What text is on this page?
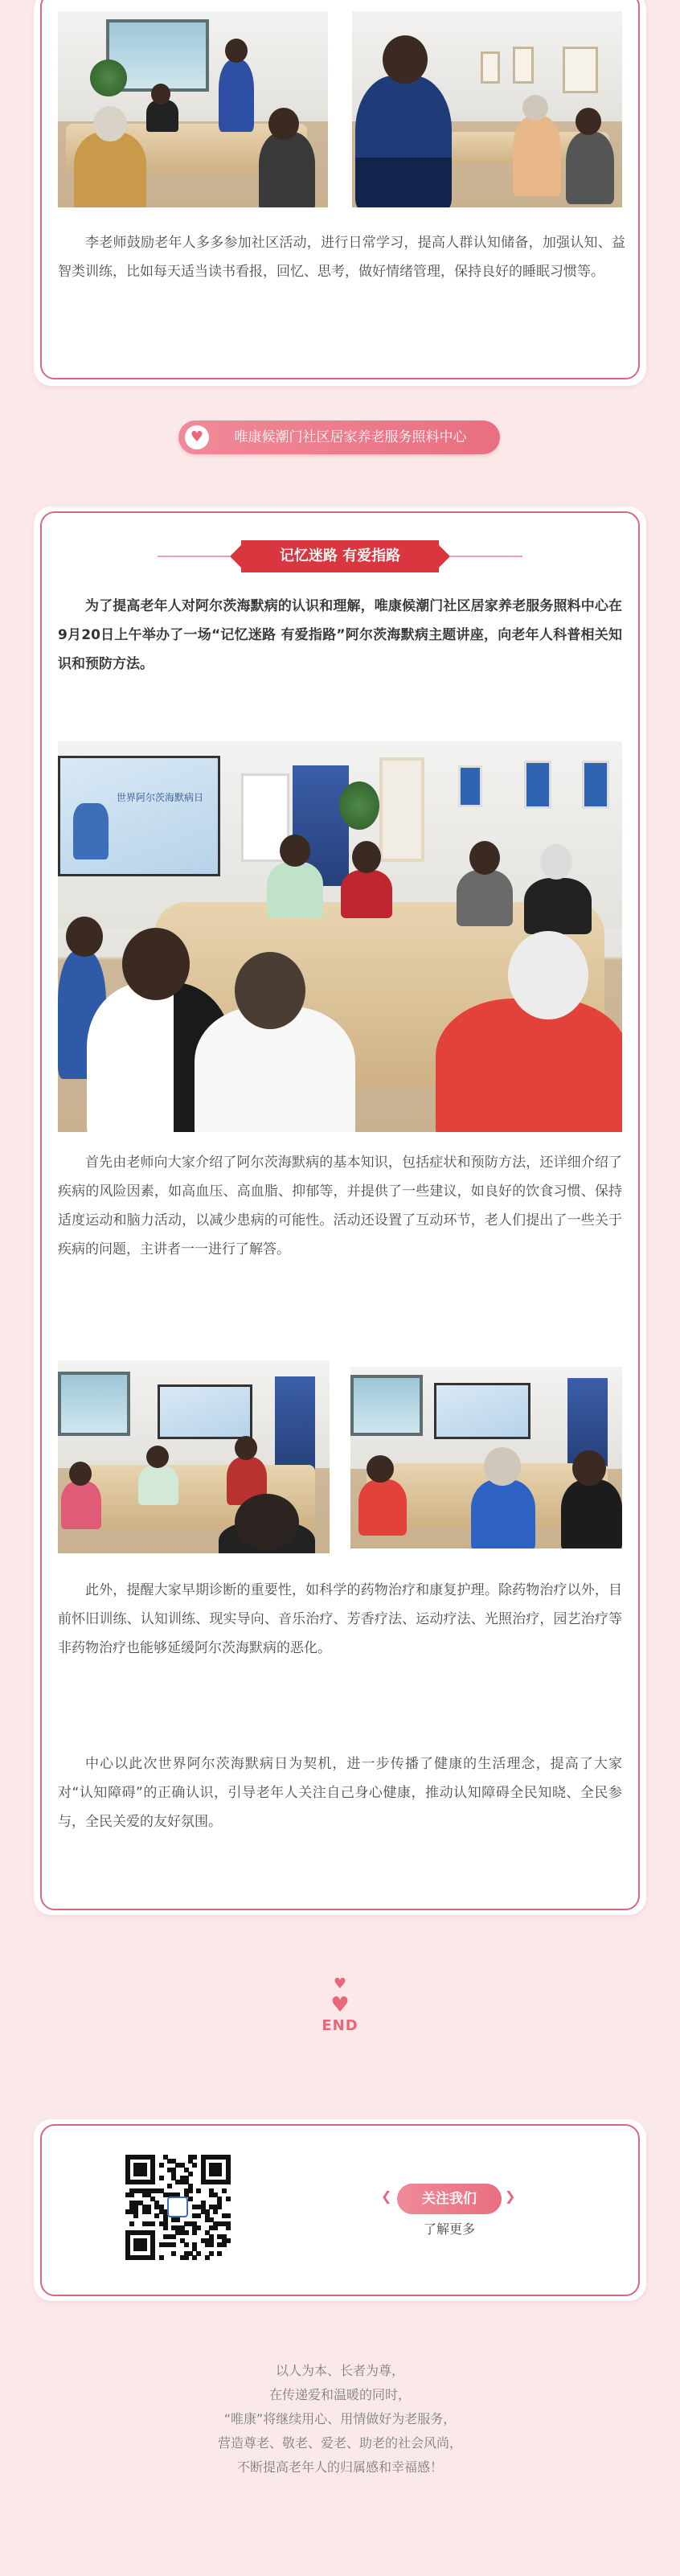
李老师鼓励老年人多多参加社区活动，进行日常学习，提高人群认知储备，加强认知、益智类训练，比如每天适当读书看报，回忆、思考，做好情绪管理，保持良好的睡眠习惯等。
♥	唯康候潮门社区居家养老服务照料中心
记忆迷路 有爱指路
为了提高老年人对阿尔茨海默病的认识和理解，唯康候潮门社区居家养老服务照料中心在9月20日上午举办了一场“记忆迷路 有爱指路”阿尔茨海默病主题讲座，向老年人科普相关知识和预防方法。
世界阿尔茨海默病日
首先由老师向大家介绍了阿尔茨海默病的基本知识，包括症状和预防方法，还详细介绍了疾病的风险因素，如高血压、高血脂、抑郁等，并提供了一些建议，如良好的饮食习惯、保持适度运动和脑力活动，以减少患病的可能性。活动还设置了互动环节，老人们提出了一些关于疾病的问题，主讲者一一进行了解答。
此外，提醒大家早期诊断的重要性，如科学的药物治疗和康复护理。除药物治疗以外，目前怀旧训练、认知训练、现实导向、音乐治疗、芳香疗法、运动疗法、光照治疗，园艺治疗等非药物治疗也能够延缓阿尔茨海默病的恶化。
中心以此次世界阿尔茨海默病日为契机，进一步传播了健康的生活理念，提高了大家对“认知障碍”的正确认识，引导老年人关注自己身心健康，推动认知障碍全民知晓、全民参与，全民关爱的友好氛围。
♥
♥
END
❮	关注我们	❯
了解更多
以人为本、长者为尊，
在传递爱和温暖的同时，
“唯康”将继续用心、用情做好为老服务，
营造尊老、敬老、爱老、助老的社会风尚，
不断提高老年人的归属感和幸福感！
